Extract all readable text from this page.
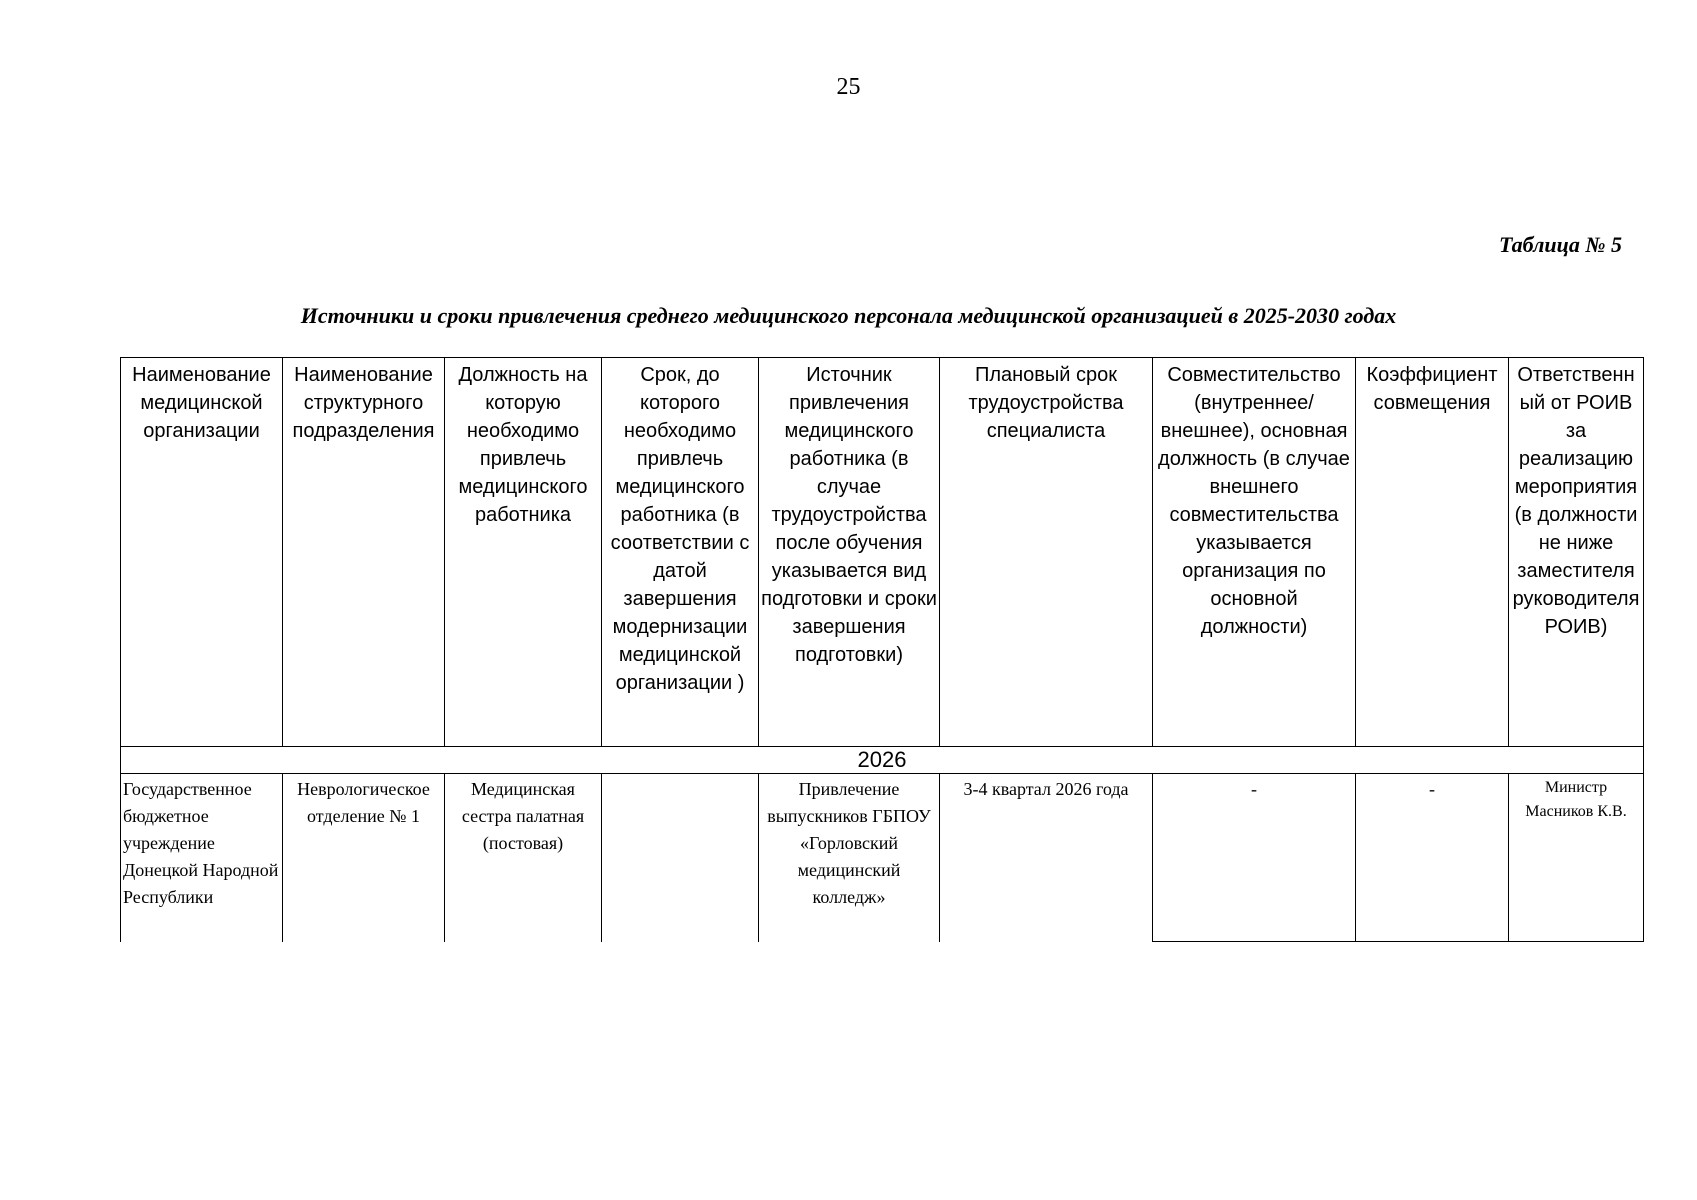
25
Таблица № 5
Источники и сроки привлечения среднего медицинского персонала медицинской организацией в 2025-2030 годах
Наименование медицинской организации	Наименование структурного подразделения	Должность на которую необходимо привлечь медицинского работника	Срок, до которого необходимо привлечь медицинского работника (в соответствии с датой завершения модернизации медицинской организации )	Источник привлечения медицинского работника (в случае трудоустройства после обучения указывается вид подготовки и сроки завершения подготовки)	Плановый срок трудоустройства специалиста	Совместительство (внутреннее/внешнее), основная должность (в случае внешнего совместительства указывается организация по основной должности)	Коэффициент совмещения	Ответственный от РОИВ за реализацию мероприятия (в должности не ниже заместителя руководителя РОИВ)
2026								
Государственное бюджетное учреждение Донецкой Народной Республики	Неврологическое отделение № 1	Медицинская сестра палатная (постовая)		Привлечение выпускников ГБПОУ «Горловский медицинский колледж»	3-4 квартал 2026 года	-	-	Министр Масников К.В.
